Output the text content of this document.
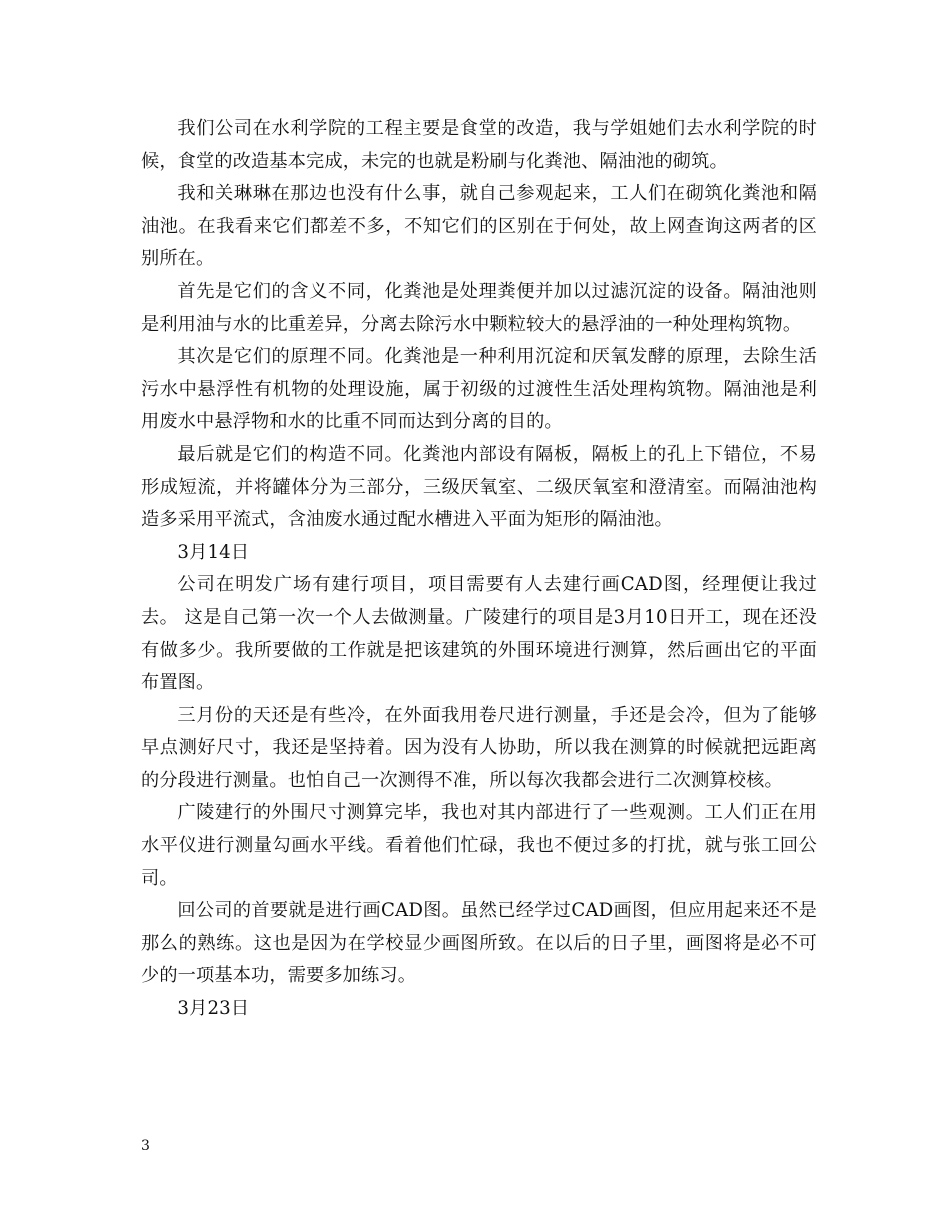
我们公司在水利学院的工程主要是食堂的改造，我与学姐她们去水利学院的时候，食堂的改造基本完成，未完的也就是粉刷与化粪池、隔油池的砌筑。

我和关琳琳在那边也没有什么事，就自己参观起来，工人们在砌筑化粪池和隔油池。在我看来它们都差不多，不知它们的区别在于何处，故上网查询这两者的区别所在。

首先是它们的含义不同，化粪池是处理粪便并加以过滤沉淀的设备。隔油池则是利用油与水的比重差异，分离去除污水中颗粒较大的悬浮油的一种处理构筑物。

其次是它们的原理不同。化粪池是一种利用沉淀和厌氧发酵的原理，去除生活污水中悬浮性有机物的处理设施，属于初级的过渡性生活处理构筑物。隔油池是利用废水中悬浮物和水的比重不同而达到分离的目的。

最后就是它们的构造不同。化粪池内部设有隔板，隔板上的孔上下错位，不易形成短流，并将罐体分为三部分，三级厌氧室、二级厌氧室和澄清室。而隔油池构造多采用平流式，含油废水通过配水槽进入平面为矩形的隔油池。

3月14日

公司在明发广场有建行项目，项目需要有人去建行画CAD图，经理便让我过去。 这是自己第一次一个人去做测量。广陵建行的项目是3月10日开工，现在还没有做多少。我所要做的工作就是把该建筑的外围环境进行测算，然后画出它的平面布置图。

三月份的天还是有些冷，在外面我用卷尺进行测量，手还是会冷，但为了能够早点测好尺寸，我还是坚持着。因为没有人协助，所以我在测算的时候就把远距离的分段进行测量。也怕自己一次测得不准，所以每次我都会进行二次测算校核。

广陵建行的外围尺寸测算完毕，我也对其内部进行了一些观测。工人们正在用水平仪进行测量勾画水平线。看着他们忙碌，我也不便过多的打扰，就与张工回公司。

回公司的首要就是进行画CAD图。虽然已经学过CAD画图，但应用起来还不是那么的熟练。这也是因为在学校显少画图所致。在以后的日子里，画图将是必不可少的一项基本功，需要多加练习。

3月23日

3
